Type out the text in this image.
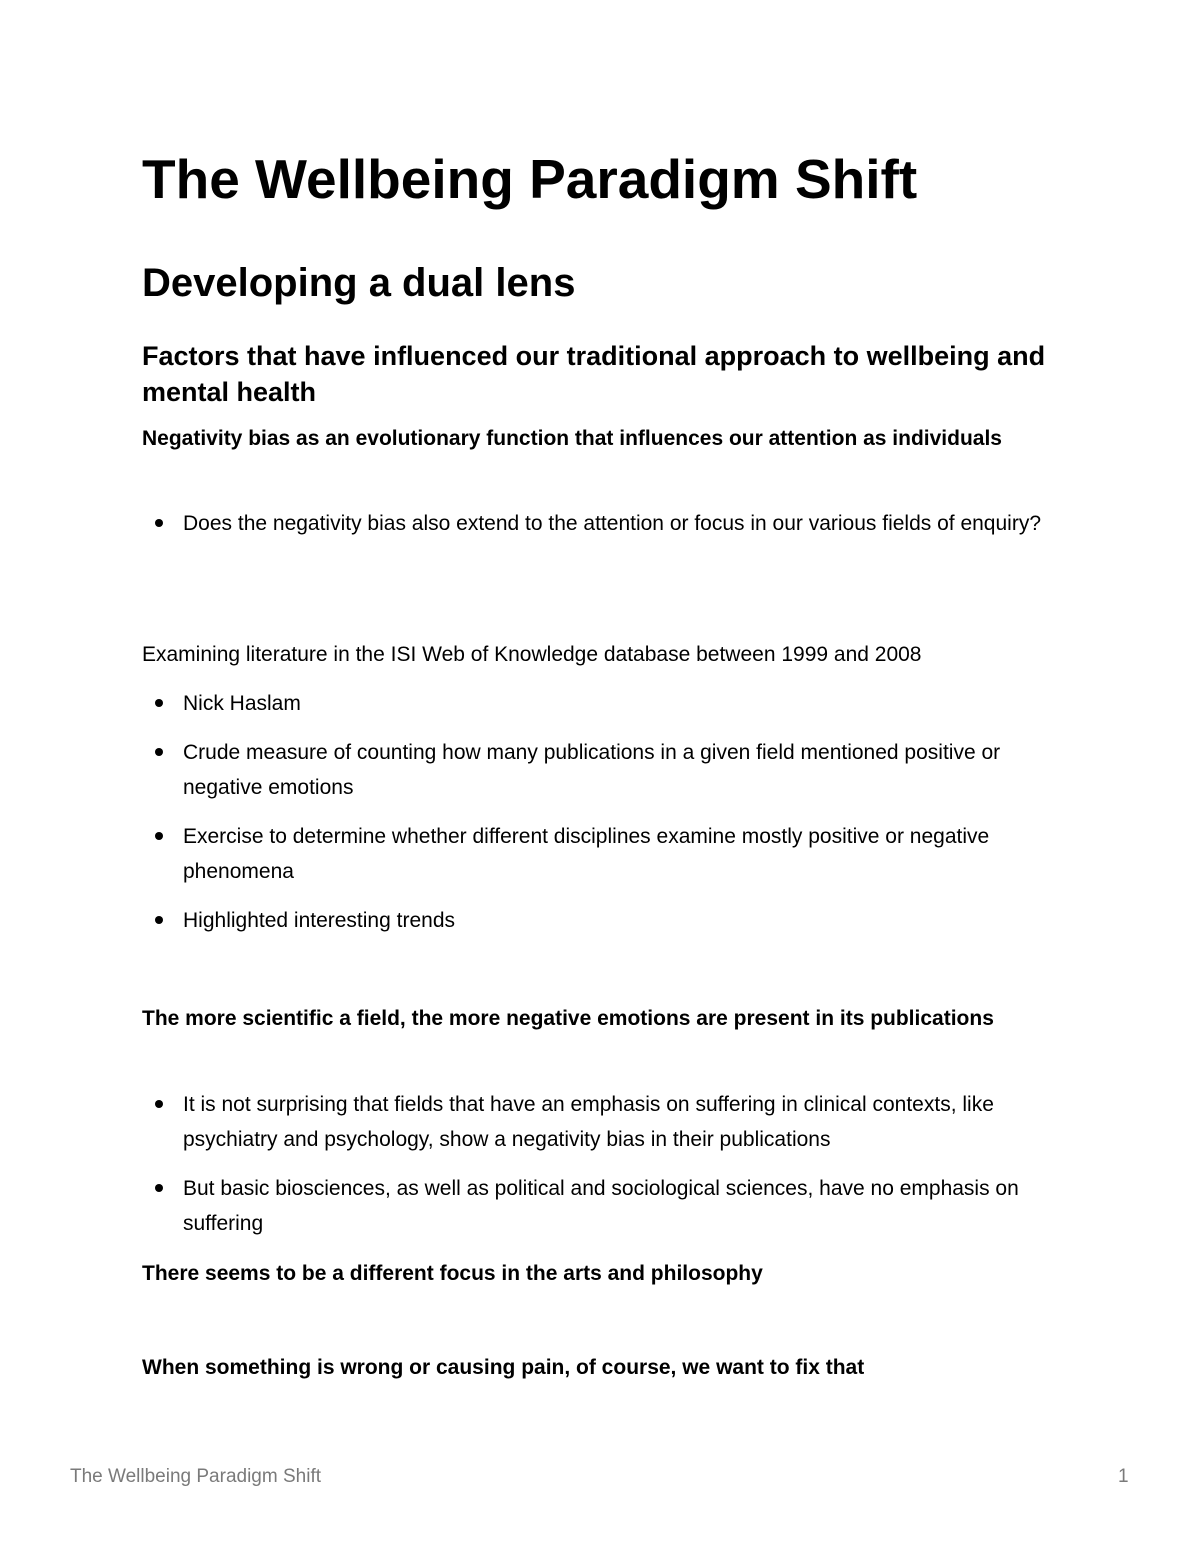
The Wellbeing Paradigm Shift
Developing a dual lens
Factors that have influenced our traditional approach to wellbeing and mental health

Negativity bias as an evolutionary function that influences our attention as individuals

Does the negativity bias also extend to the attention or focus in our various fields of enquiry?

Examining literature in the ISI Web of Knowledge database between 1999 and 2008

Nick Haslam
Crude measure of counting how many publications in a given field mentioned positive or negative emotions
Exercise to determine whether different disciplines examine mostly positive or negative phenomena
Highlighted interesting trends

The more scientific a field, the more negative emotions are present in its publications

It is not surprising that fields that have an emphasis on suffering in clinical contexts, like psychiatry and psychology, show a negativity bias in their publications
But basic biosciences, as well as political and sociological sciences, have no emphasis on suffering

There seems to be a different focus in the arts and philosophy

When something is wrong or causing pain, of course, we want to fix that

The Wellbeing Paradigm Shift	1
